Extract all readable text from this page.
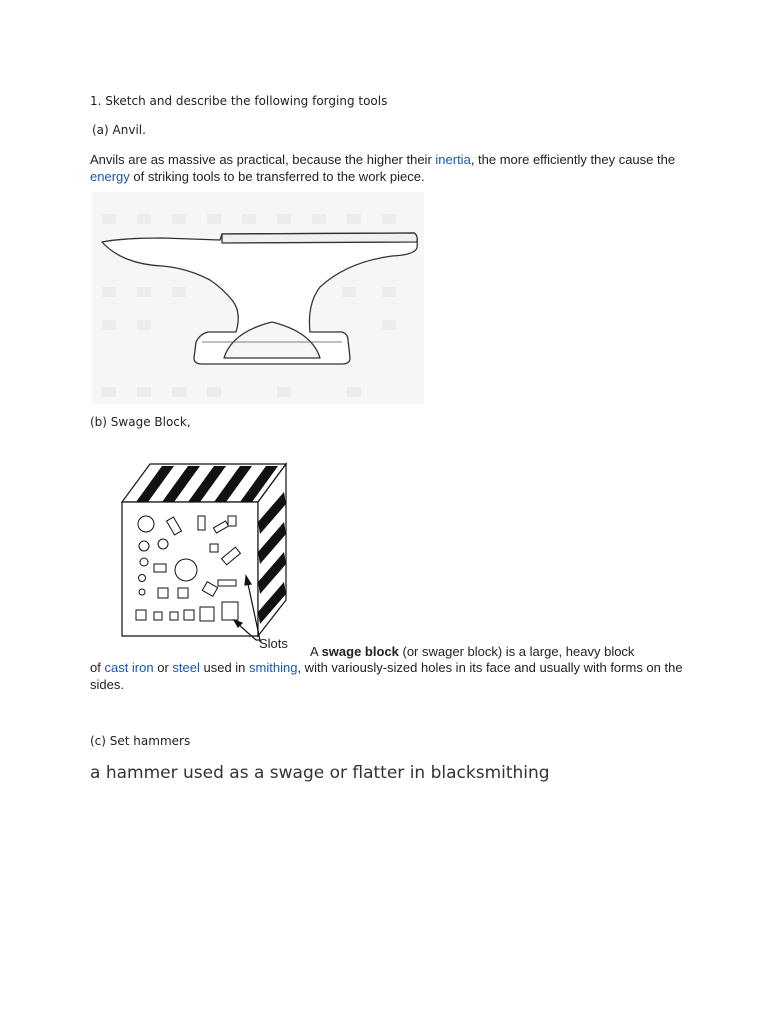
1. Sketch and describe the following forging tools
(a) Anvil.
Anvils are as massive as practical, because the higher their inertia, the more efficiently they cause the energy of striking tools to be transferred to the work piece.
(b) Swage Block,
Slots
A swage block (or swager block) is a large, heavy block
of cast iron or steel used in smithing, with variously-sized holes in its face and usually with forms on the sides.
(c) Set hammers
a hammer used as a swage or flatter in blacksmithing
